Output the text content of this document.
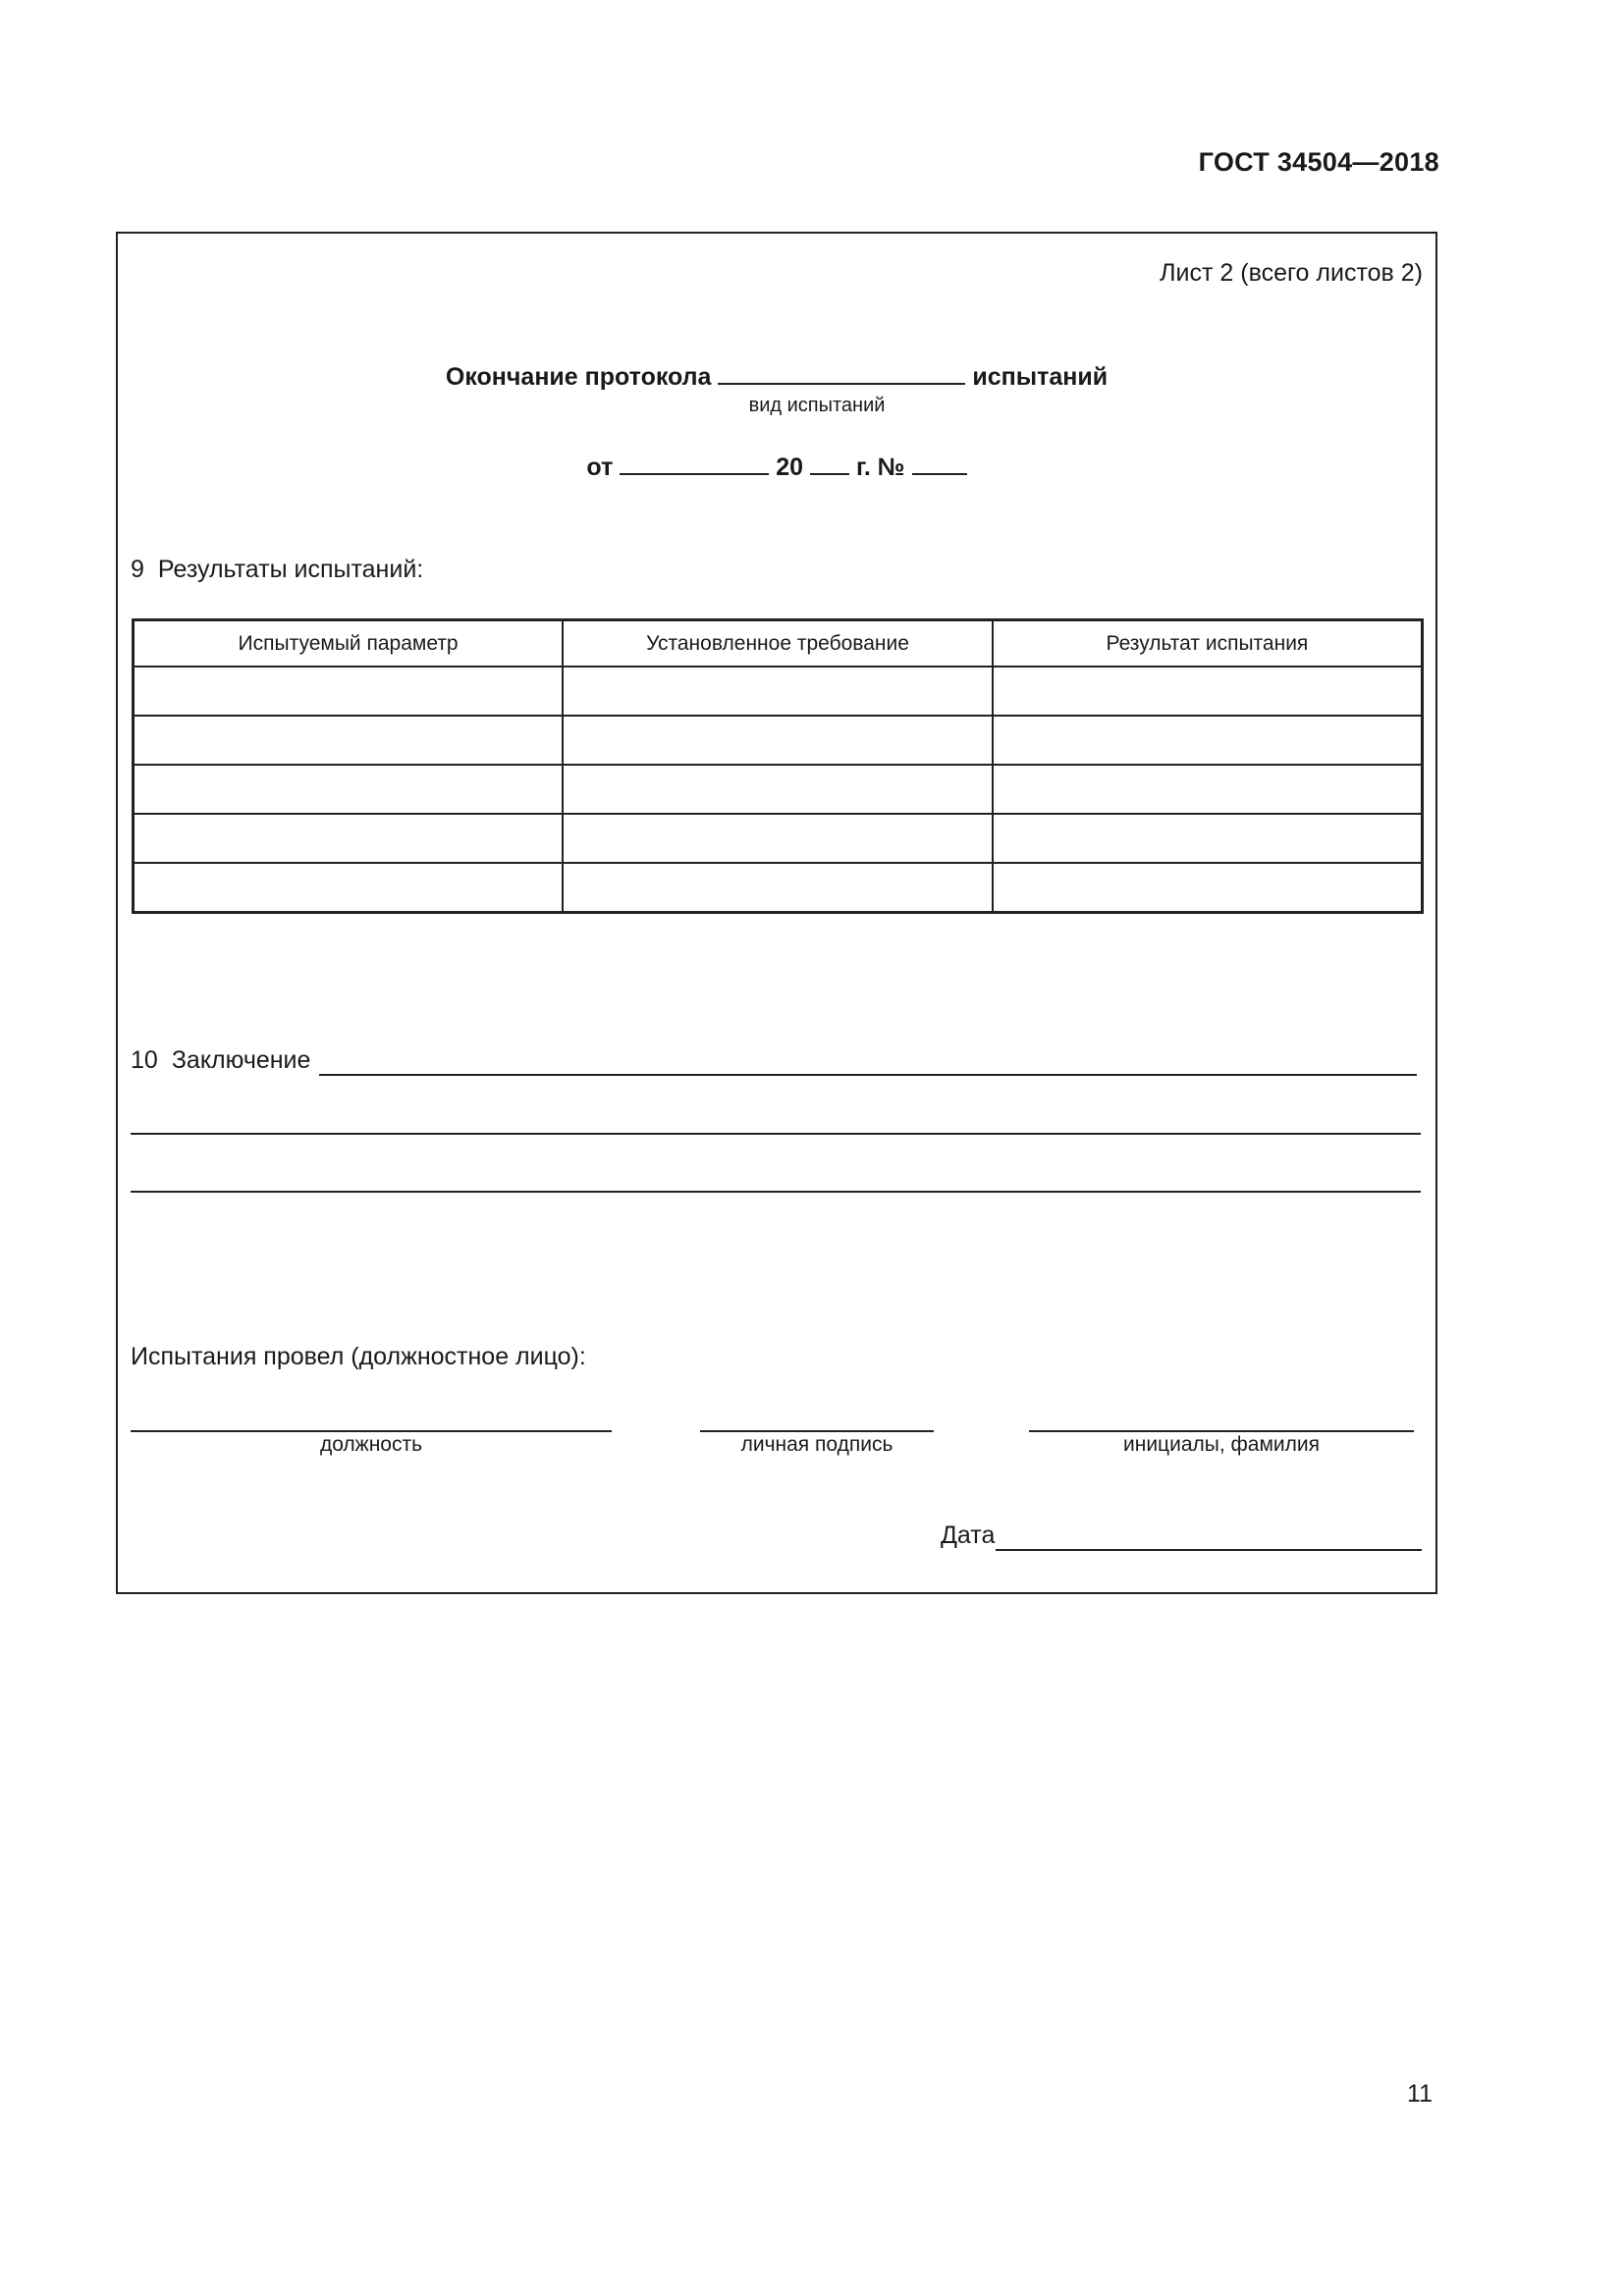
ГОСТ 34504—2018
Лист 2 (всего листов 2)
Окончание протокола	испытаний
вид испытаний
от	20 г. №
9 Результаты испытаний:
Испытуемый параметр	Установленное требование	Результат испытания

10 Заключение
Испытания провел (должностное лицо):
должность	личная подпись	инициалы, фамилия
Дата
11
